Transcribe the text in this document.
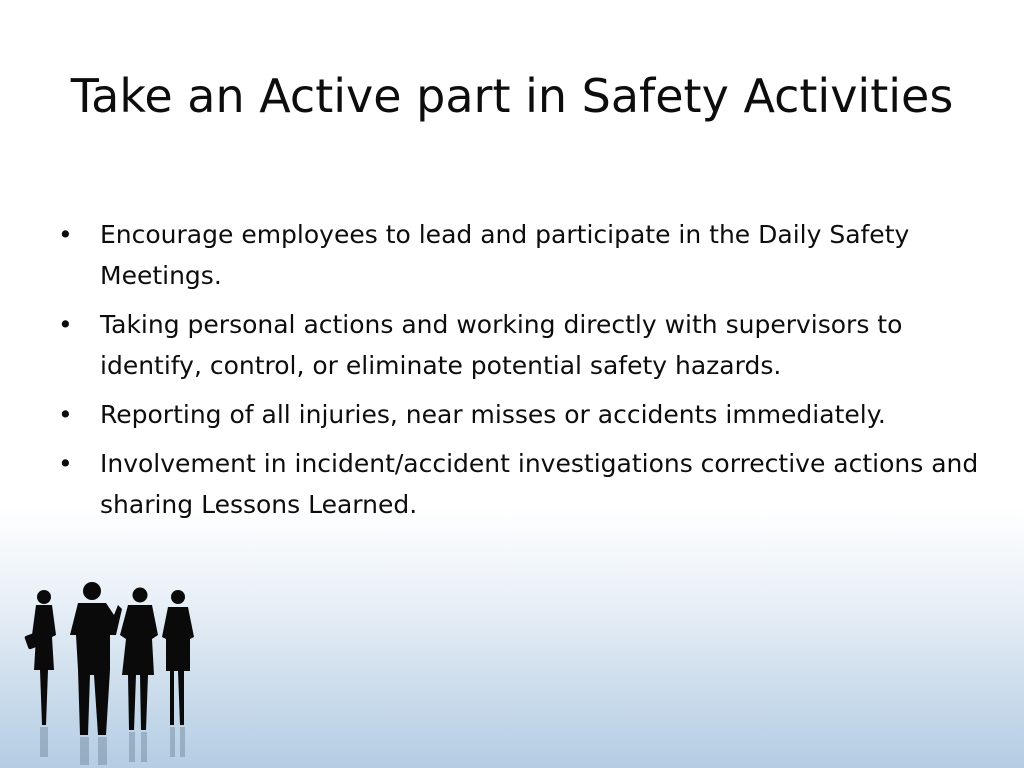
Take an Active part in Safety Activities
• Encourage employees to lead and participate in the Daily Safety Meetings.
• Taking personal actions and working directly with supervisors to identify, control, or eliminate potential safety hazards.
• Reporting of all injuries, near misses or accidents immediately.
• Involvement in incident/accident investigations corrective actions and sharing Lessons Learned.
